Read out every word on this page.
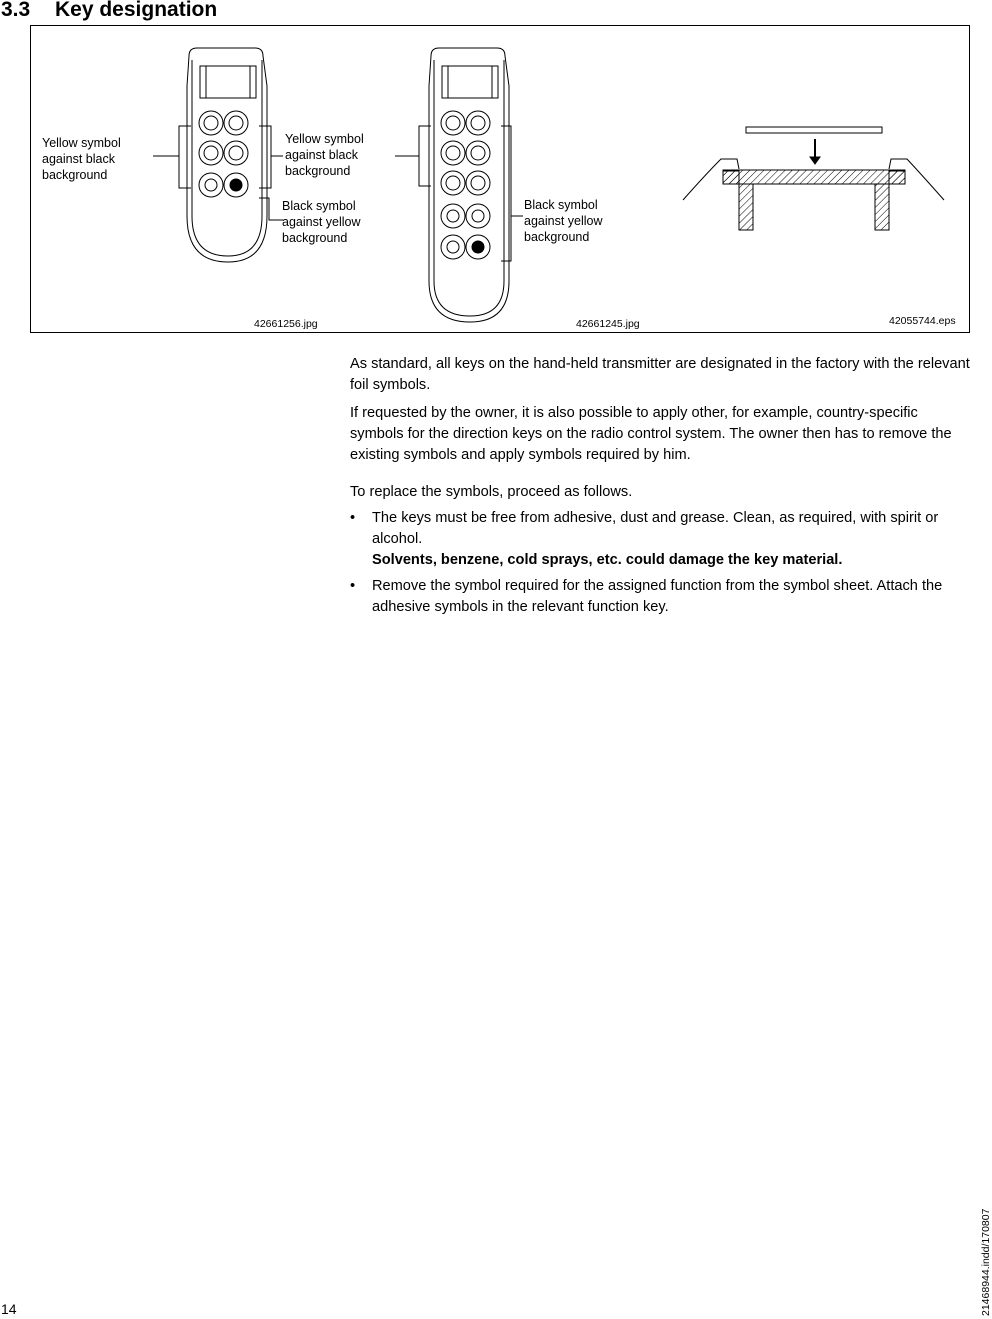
3.3 Key designation
Yellow symbol
against black
background
Yellow symbol
against black
background
Black symbol
against yellow
background
Black symbol
against yellow
background
42661256.jpg	42661245.jpg	42055744.eps

As standard, all keys on the hand-held transmitter are designated in the factory with the relevant foil symbols.

If requested by the owner, it is also possible to apply other, for example, country-specific symbols for the direction keys on the radio control system. The owner then has to remove the existing symbols and apply symbols required by him.

To replace the symbols, proceed as follows.

• The keys must be free from adhesive, dust and grease. Clean, as required, with spirit or alcohol.

Solvents, benzene, cold sprays, etc. could damage the key material.

• Remove the symbol required for the assigned function from the symbol sheet. Attach the adhesive symbols in the relevant function key.
14	21468944.indd/170807
